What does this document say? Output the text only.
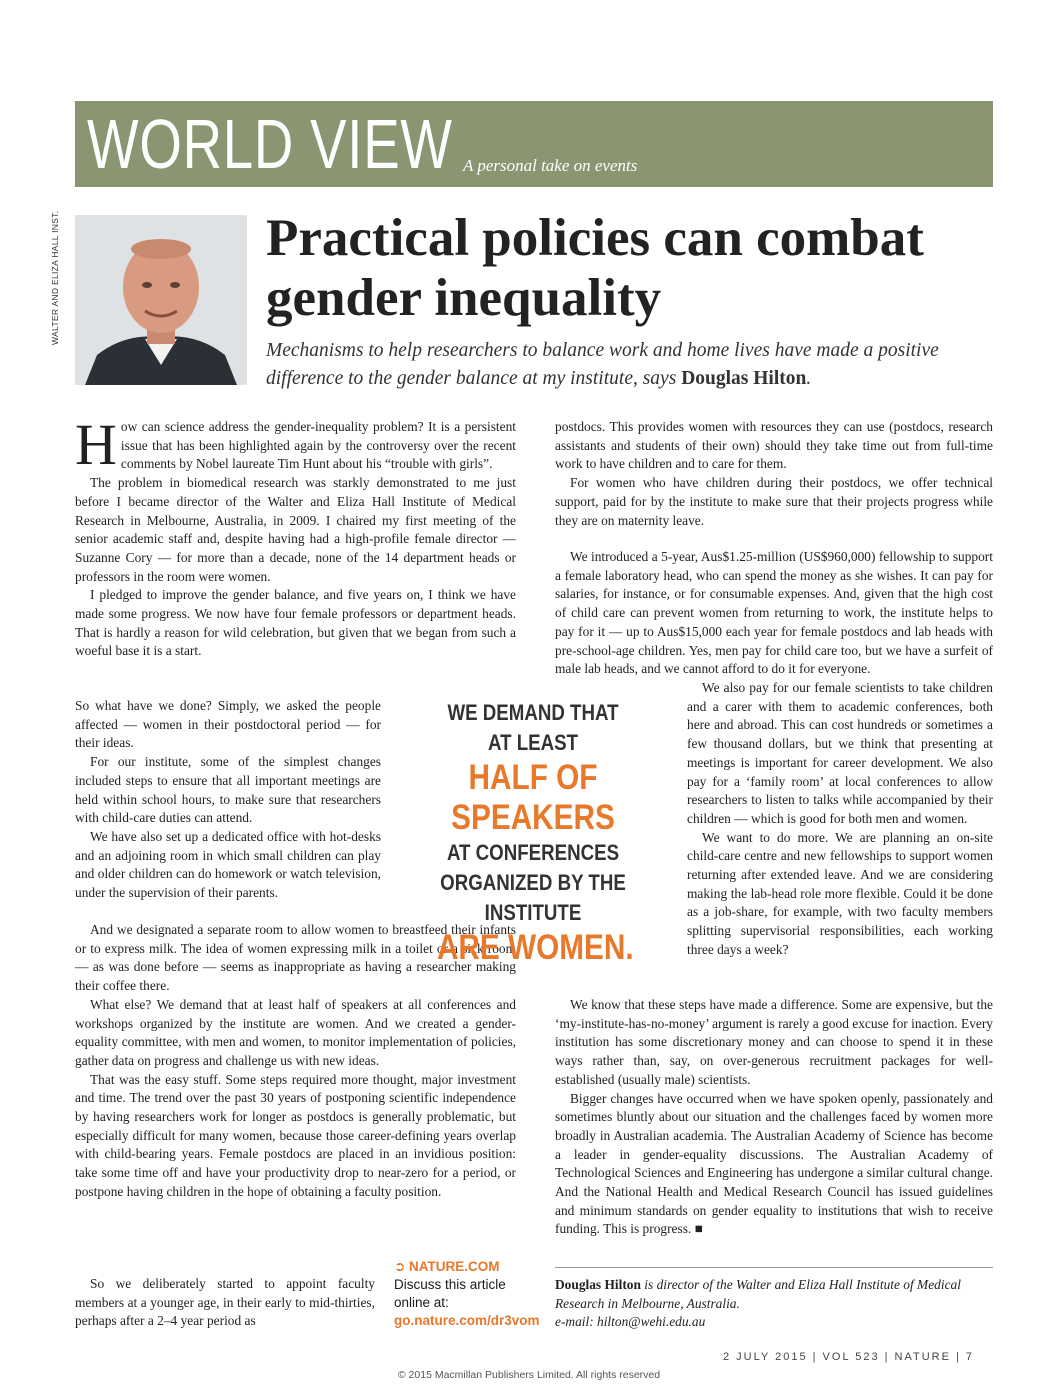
WORLD VIEW A personal take on events
WALTER AND ELIZA HALL INST.	Practical policies can combat gender inequality
Mechanisms to help researchers to balance work and home lives have made a positive difference to the gender balance at my institute, says Douglas Hilton.

How can science address the gender-inequality problem? It is a persistent issue that has been highlighted again by the controversy over the recent comments by Nobel laureate Tim Hunt about his “trouble with girls”.

The problem in biomedical research was starkly demonstrated to me just before I became director of the Walter and Eliza Hall Institute of Medical Research in Melbourne, Australia, in 2009. I chaired my first meeting of the senior academic staff and, despite having had a high-profile female director — Suzanne Cory — for more than a decade, none of the 14 department heads or professors in the room were women.

I pledged to improve the gender balance, and five years on, I think we have made some progress. We now have four female professors or department heads. That is hardly a reason for wild celebration, but given that we began from such a woeful base it is a start.

So what have we done? Simply, we asked the people affected — women in their postdoctoral period — for their ideas.

For our institute, some of the simplest changes included steps to ensure that all important meetings are held within school hours, to make sure that researchers with child-care duties can attend.

We have also set up a dedicated office with hot-desks and an adjoining room in which small children can play and older children can do homework or watch television, under the supervision of their parents.

And we designated a separate room to allow women to breastfeed their infants or to express milk. The idea of women expressing milk in a toilet or a sick room — as was done before — seems as inappropriate as having a researcher making their coffee there.

What else? We demand that at least half of speakers at all conferences and workshops organized by the institute are women. And we created a gender-equality committee, with men and women, to monitor implementation of policies, gather data on progress and challenge us with new ideas.

That was the easy stuff. Some steps required more thought, major investment and time. The trend over the past 30 years of postponing scientific independence by having researchers work for longer as postdocs is generally problematic, but especially difficult for many women, because those career-defining years overlap with child-bearing years. Female postdocs are placed in an invidious position: take some time off and have your productivity drop to near-zero for a period, or postpone having children in the hope of obtaining a faculty position.

So we deliberately started to appoint faculty members at a younger age, in their early to mid-thirties, perhaps after a 2–4 year period as

postdocs. This provides women with resources they can use (postdocs, research assistants and students of their own) should they take time out from full-time work to have children and to care for them.

For women who have children during their postdocs, we offer technical support, paid for by the institute to make sure that their projects progress while they are on maternity leave.

We introduced a 5-year, Aus$1.25-million (US$960,000) fellowship to support a female laboratory head, who can spend the money as she wishes. It can pay for salaries, for instance, or for consumable expenses. And, given that the high cost of child care can prevent women from returning to work, the institute helps to pay for it — up to Aus$15,000 each year for female postdocs and lab heads with pre-school-age children. Yes, men pay for child care too, but we have a surfeit of male lab heads, and we cannot afford to do it for everyone.

We also pay for our female scientists to take children and a carer with them to academic conferences, both here and abroad. This can cost hundreds or sometimes a few thousand dollars, but we think that presenting at meetings is important for career development. We also pay for a ‘family room’ at local conferences to allow researchers to listen to talks while accompanied by their children — which is good for both men and women.

We want to do more. We are planning an on-site child-care centre and new fellowships to support women returning after extended leave. And we are considering making the lab-head role more flexible. Could it be done as a job-share, for example, with two faculty members splitting supervisorial responsibilities, each working three days a week?

We know that these steps have made a difference. Some are expensive, but the ‘my-institute-has-no-money’ argument is rarely a good excuse for inaction. Every institution has some discretionary money and can choose to spend it in these ways rather than, say, on over-generous recruitment packages for well-established (usually male) scientists.

Bigger changes have occurred when we have spoken openly, passionately and sometimes bluntly about our situation and the challenges faced by women more broadly in Australian academia. The Australian Academy of Science has become a leader in gender-equality discussions. The Australian Academy of Technological Sciences and Engineering has undergone a similar cultural change. And the National Health and Medical Research Council has issued guidelines and minimum standards on gender equality to institutions that wish to receive funding. This is progress. ■

WE DEMAND THAT
AT LEAST
HALF OF
SPEAKERS
AT CONFERENCES
ORGANIZED BY THE
INSTITUTE
ARE WOMEN.
➲ NATURE.COM
Discuss this article
online at:
go.nature.com/dr3vom
Douglas Hilton is director of the Walter and Eliza Hall Institute of Medical Research in Melbourne, Australia.
e-mail: hilton@wehi.edu.au
2 JULY 2015 | VOL 523 | NATURE | 7
© 2015 Macmillan Publishers Limited. All rights reserved
